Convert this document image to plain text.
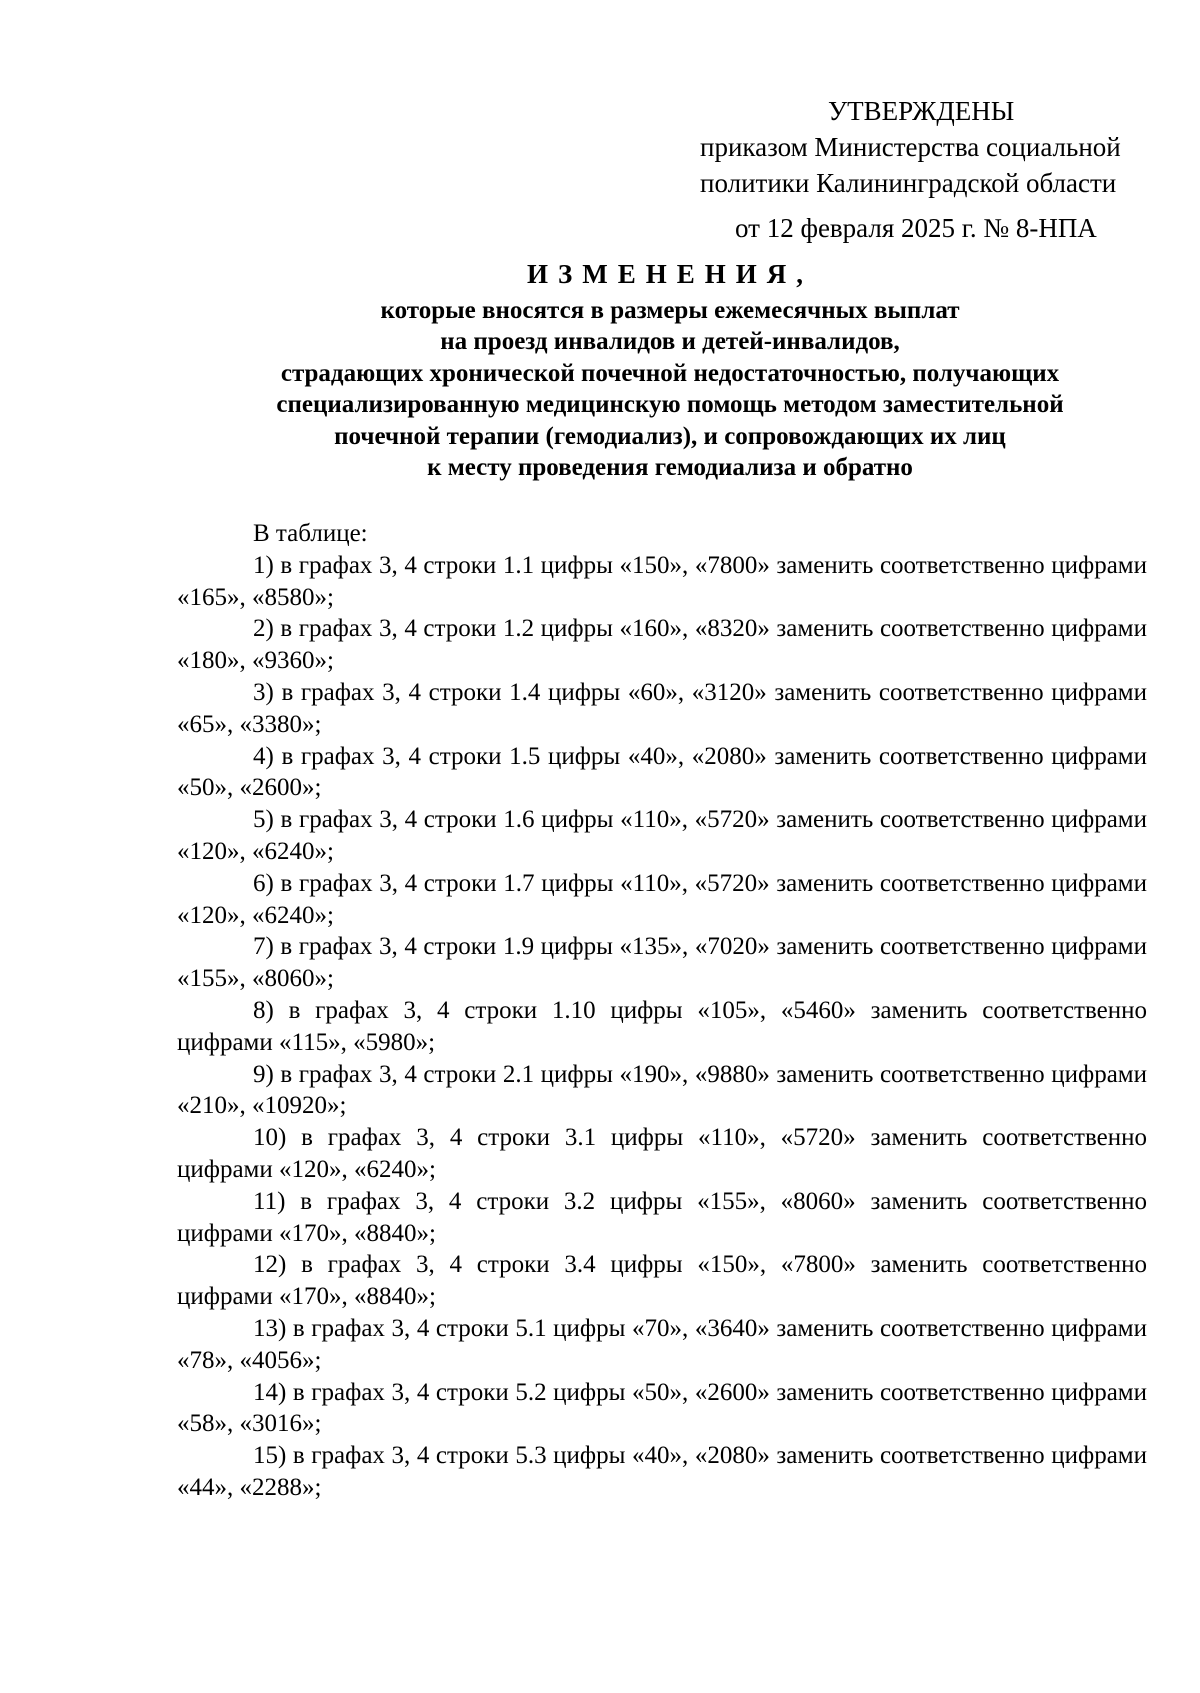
УТВЕРЖДЕНЫ
приказом Министерства социальной
политики Калининградской области
от 12 февраля 2025 г. № 8-НПА
ИЗМЕНЕНИЯ,
которые вносятся в размеры ежемесячных выплат
на проезд инвалидов и детей-инвалидов,
страдающих хронической почечной недостаточностью, получающих
специализированную медицинскую помощь методом заместительной
почечной терапии (гемодиализ), и сопровождающих их лиц
к месту проведения гемодиализа и обратно
В таблице:

1) в графах 3, 4 строки 1.1 цифры «150», «7800» заменить соответственно цифрами «165», «8580»;

2) в графах 3, 4 строки 1.2 цифры «160», «8320» заменить соответственно цифрами «180», «9360»;

3) в графах 3, 4 строки 1.4 цифры «60», «3120» заменить соответственно цифрами «65», «3380»;

4) в графах 3, 4 строки 1.5 цифры «40», «2080» заменить соответственно цифрами «50», «2600»;

5) в графах 3, 4 строки 1.6 цифры «110», «5720» заменить соответственно цифрами «120», «6240»;

6) в графах 3, 4 строки 1.7 цифры «110», «5720» заменить соответственно цифрами «120», «6240»;

7) в графах 3, 4 строки 1.9 цифры «135», «7020» заменить соответственно цифрами «155», «8060»;

8) в графах 3, 4 строки 1.10 цифры «105», «5460» заменить соответственно цифрами «115», «5980»;

9) в графах 3, 4 строки 2.1 цифры «190», «9880» заменить соответственно цифрами «210», «10920»;

10) в графах 3, 4 строки 3.1 цифры «110», «5720» заменить соответственно цифрами «120», «6240»;

11) в графах 3, 4 строки 3.2 цифры «155», «8060» заменить соответственно цифрами «170», «8840»;

12) в графах 3, 4 строки 3.4 цифры «150», «7800» заменить соответственно цифрами «170», «8840»;

13) в графах 3, 4 строки 5.1 цифры «70», «3640» заменить соответственно цифрами «78», «4056»;

14) в графах 3, 4 строки 5.2 цифры «50», «2600» заменить соответственно цифрами «58», «3016»;

15) в графах 3, 4 строки 5.3 цифры «40», «2080» заменить соответственно цифрами «44», «2288»;
